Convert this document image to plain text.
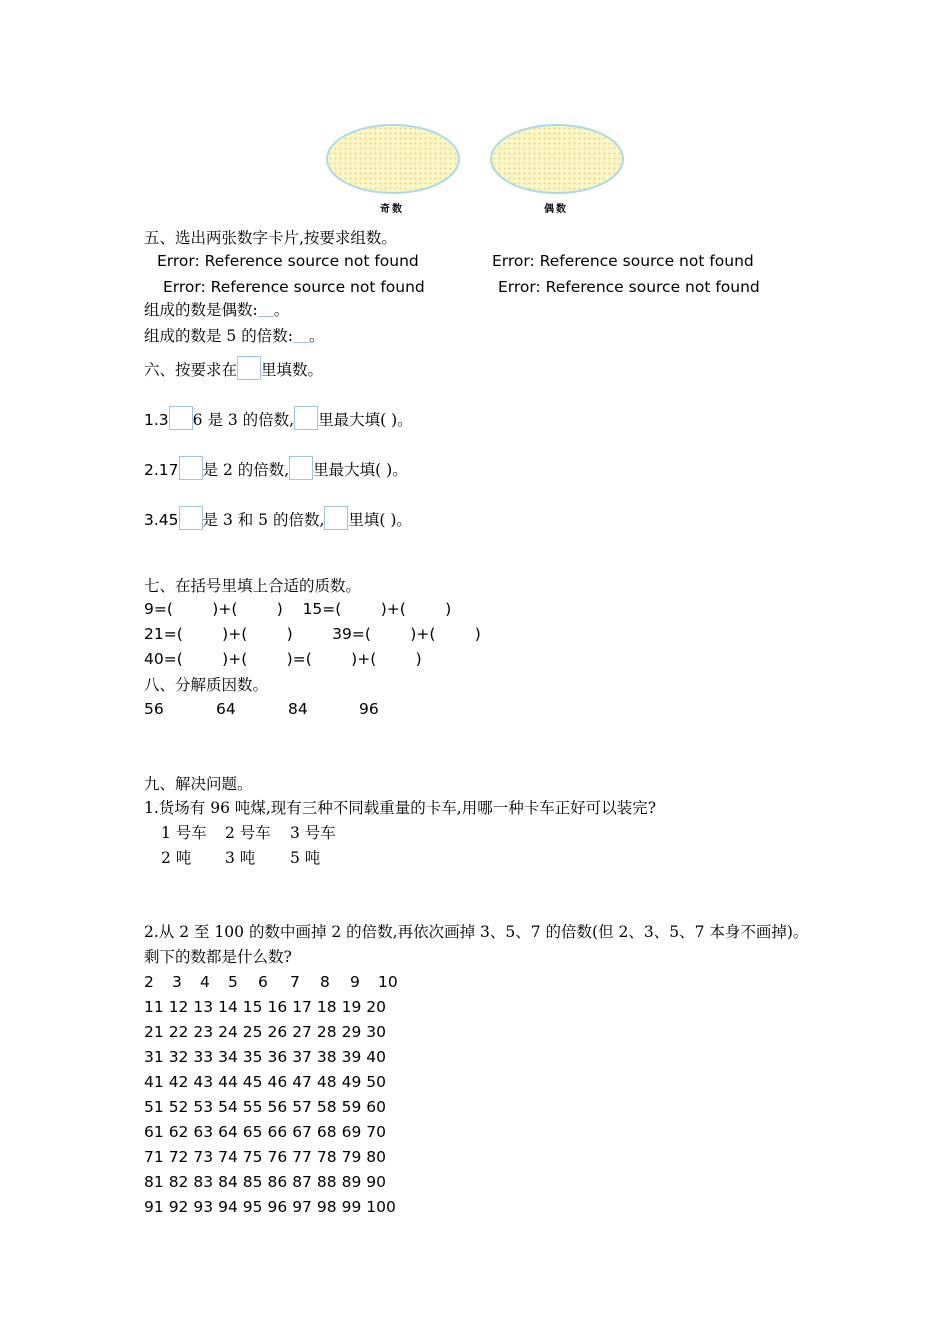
奇数	偶数
五、选出两张数字卡片,按要求组数。
Error: Reference source not found	Error: Reference source not found
Error: Reference source not found	Error: Reference source not found
组成的数是偶数: 。
组成的数是 5 的倍数: 。
六、按要求在 里填数。
1.3 6 是 3 的倍数, 里最大填( )。
2.17 是 2 的倍数, 里最大填( )。
3.45 是 3 和 5 的倍数, 里填( )。
七、在括号里填上合适的质数。
9=(        )+(        )    15=(        )+(        )
21=(        )+(        )        39=(        )+(        )
40=(        )+(        )=(        )+(        )
八、分解质因数。
56	64	84	96
九、解决问题。
1.货场有 96 吨煤,现有三种不同载重量的卡车,用哪一种卡车正好可以装完?
1 号车 2 号车 3 号车
2 吨 3 吨 5 吨
2.从 2 至 100 的数中画掉 2 的倍数,再依次画掉 3、5、7 的倍数(但 2、3、5、7 本身不画掉)。
剩下的数都是什么数?
2 3 4 5 6 7 8 9 10
11 12 13 14 15 16 17 18 19 20
21 22 23 24 25 26 27 28 29 30
31 32 33 34 35 36 37 38 39 40
41 42 43 44 45 46 47 48 49 50
51 52 53 54 55 56 57 58 59 60
61 62 63 64 65 66 67 68 69 70
71 72 73 74 75 76 77 78 79 80
81 82 83 84 85 86 87 88 89 90
91 92 93 94 95 96 97 98 99 100
